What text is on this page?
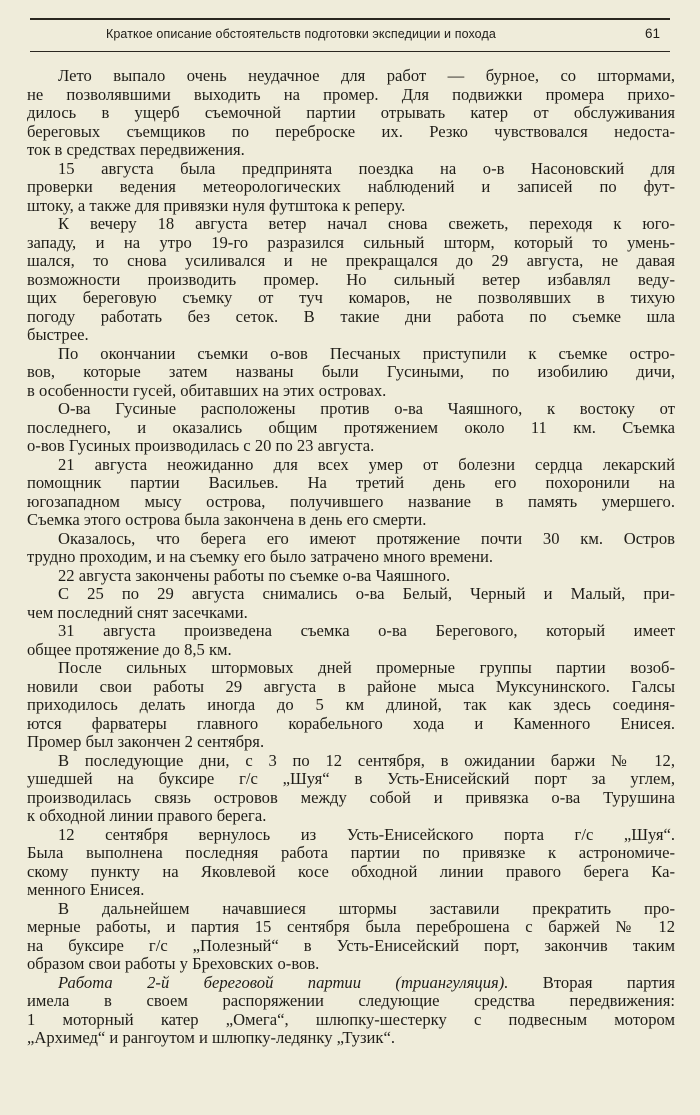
Краткое описание обстоятельств подготовки экспедиции и похода	61
Лето выпало очень неудачное для работ — бурное, со штормами,
не позволявшими выходить на промер. Для подвижки промера прихо-
дилось в ущерб съемочной партии отрывать катер от обслуживания
береговых съемщиков по переброске их. Резко чувствовался недоста-
ток в средствах передвижения.
15 августа была предпринята поездка на о-в Насоновский для
проверки ведения метеорологических наблюдений и записей по фут-
штоку, а также для привязки нуля футштока к реперу.
К вечеру 18 августа ветер начал снова свежеть, переходя к юго-
западу, и на утро 19-го разразился сильный шторм, который то умень-
шался, то снова усиливался и не прекращался до 29 августа, не давая
возможности производить промер. Но сильный ветер избавлял веду-
щих береговую съемку от туч комаров, не позволявших в тихую
погоду работать без сеток. В такие дни работа по съемке шла
быстрее.
По окончании съемки о-вов Песчаных приступили к съемке остро-
вов, которые затем названы были Гусиными, по изобилию дичи,
в особенности гусей, обитавших на этих островах.
О-ва Гусиные расположены против о-ва Чаяшного, к востоку от
последнего, и оказались общим протяжением около 11 км. Съемка
о-вов Гусиных производилась с 20 по 23 августа.
21 августа неожиданно для всех умер от болезни сердца лекарский
помощник партии Васильев. На третий день его похоронили на
югозападном мысу острова, получившего название в память умершего.
Съемка этого острова была закончена в день его смерти.
Оказалось, что берега его имеют протяжение почти 30 км. Остров
трудно проходим, и на съемку его было затрачено много времени.
22 августа закончены работы по съемке о-ва Чаяшного.
С 25 по 29 августа снимались о-ва Белый, Черный и Малый, при-
чем последний снят засечками.
31 августа произведена съемка о-ва Берегового, который имеет
общее протяжение до 8,5 км.
После сильных штормовых дней промерные группы партии возоб-
новили свои работы 29 августа в районе мыса Муксунинского. Галсы
приходилось делать иногда до 5 км длиной, так как здесь соединя-
ются фарватеры главного корабельного хода и Каменного Енисея.
Промер был закончен 2 сентября.
В последующие дни, с 3 по 12 сентября, в ожидании баржи № 12,
ушедшей на буксире г/с „Шуя“ в Усть-Енисейский порт за углем,
производилась связь островов между собой и привязка о-ва Турушина
к обходной линии правого берега.
12 сентября вернулось из Усть-Енисейского порта г/с „Шуя“.
Была выполнена последняя работа партии по привязке к астрономиче-
скому пункту на Яковлевой косе обходной линии правого берега Ка-
менного Енисея.
В дальнейшем начавшиеся штормы заставили прекратить про-
мерные работы, и партия 15 сентября была переброшена с баржей № 12
на буксире г/с „Полезный“ в Усть-Енисейский порт, закончив таким
образом свои работы у Бреховских о-вов.
Работа 2-й береговой партии (триангуляция). Вторая партия
имела в своем распоряжении следующие средства передвижения:
1 моторный катер „Омега“, шлюпку-шестерку с подвесным мотором
„Архимед“ и рангоутом и шлюпку-ледянку „Тузик“.
